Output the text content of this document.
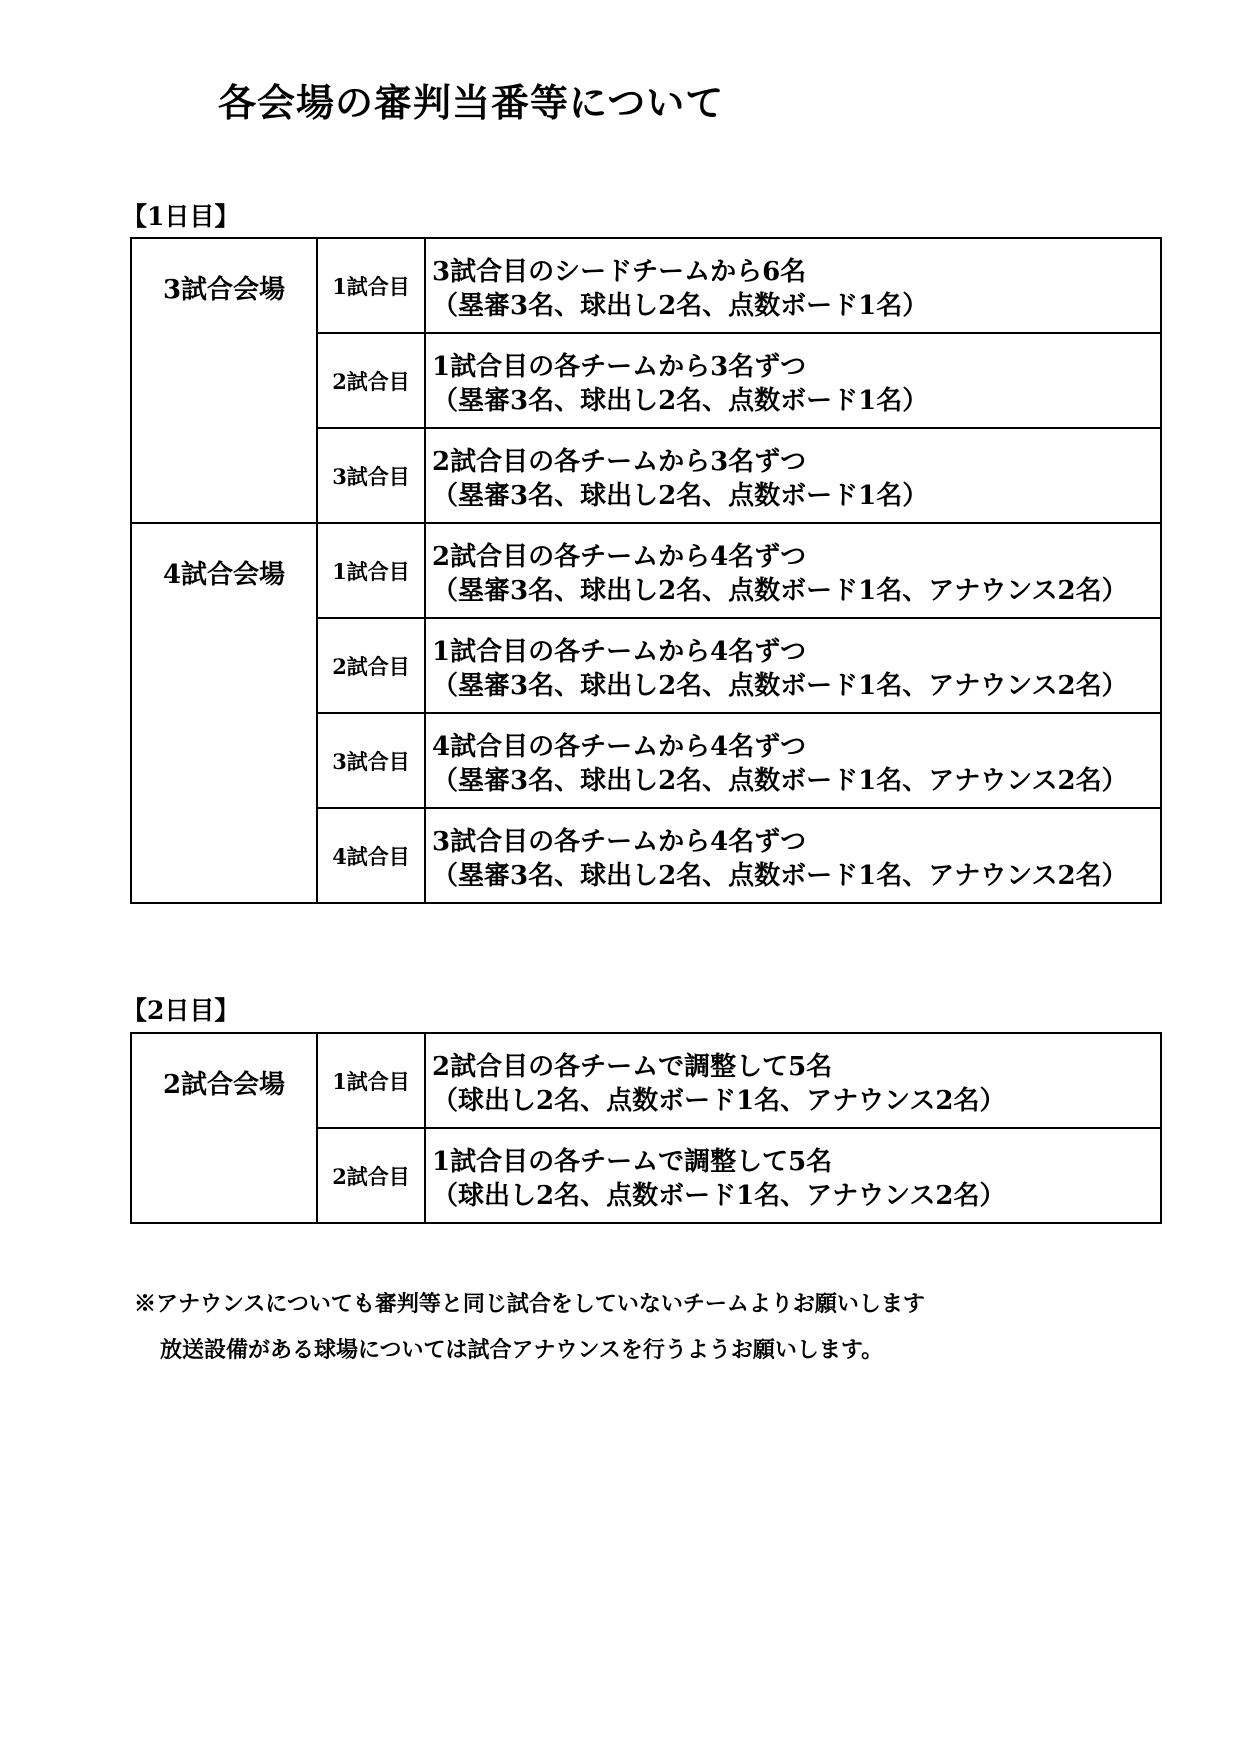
各会場の審判当番等について
【1日目】
3試合会場	1試合目	3試合目のシードチームから6名
（塁審3名、球出し2名、点数ボード1名）

	2試合目	1試合目の各チームから3名ずつ
（塁審3名、球出し2名、点数ボード1名）

	3試合目	2試合目の各チームから3名ずつ
（塁審3名、球出し2名、点数ボード1名）

4試合会場	1試合目	2試合目の各チームから4名ずつ
（塁審3名、球出し2名、点数ボード1名、アナウンス2名）

	2試合目	1試合目の各チームから4名ずつ
（塁審3名、球出し2名、点数ボード1名、アナウンス2名）

	3試合目	4試合目の各チームから4名ずつ
（塁審3名、球出し2名、点数ボード1名、アナウンス2名）

	4試合目	3試合目の各チームから4名ずつ
（塁審3名、球出し2名、点数ボード1名、アナウンス2名）
【2日目】
2試合会場	1試合目	2試合目の各チームで調整して5名
（球出し2名、点数ボード1名、アナウンス2名）

	2試合目	1試合目の各チームで調整して5名
（球出し2名、点数ボード1名、アナウンス2名）
※アナウンスについても審判等と同じ試合をしていないチームよりお願いします
放送設備がある球場については試合アナウンスを行うようお願いします。
